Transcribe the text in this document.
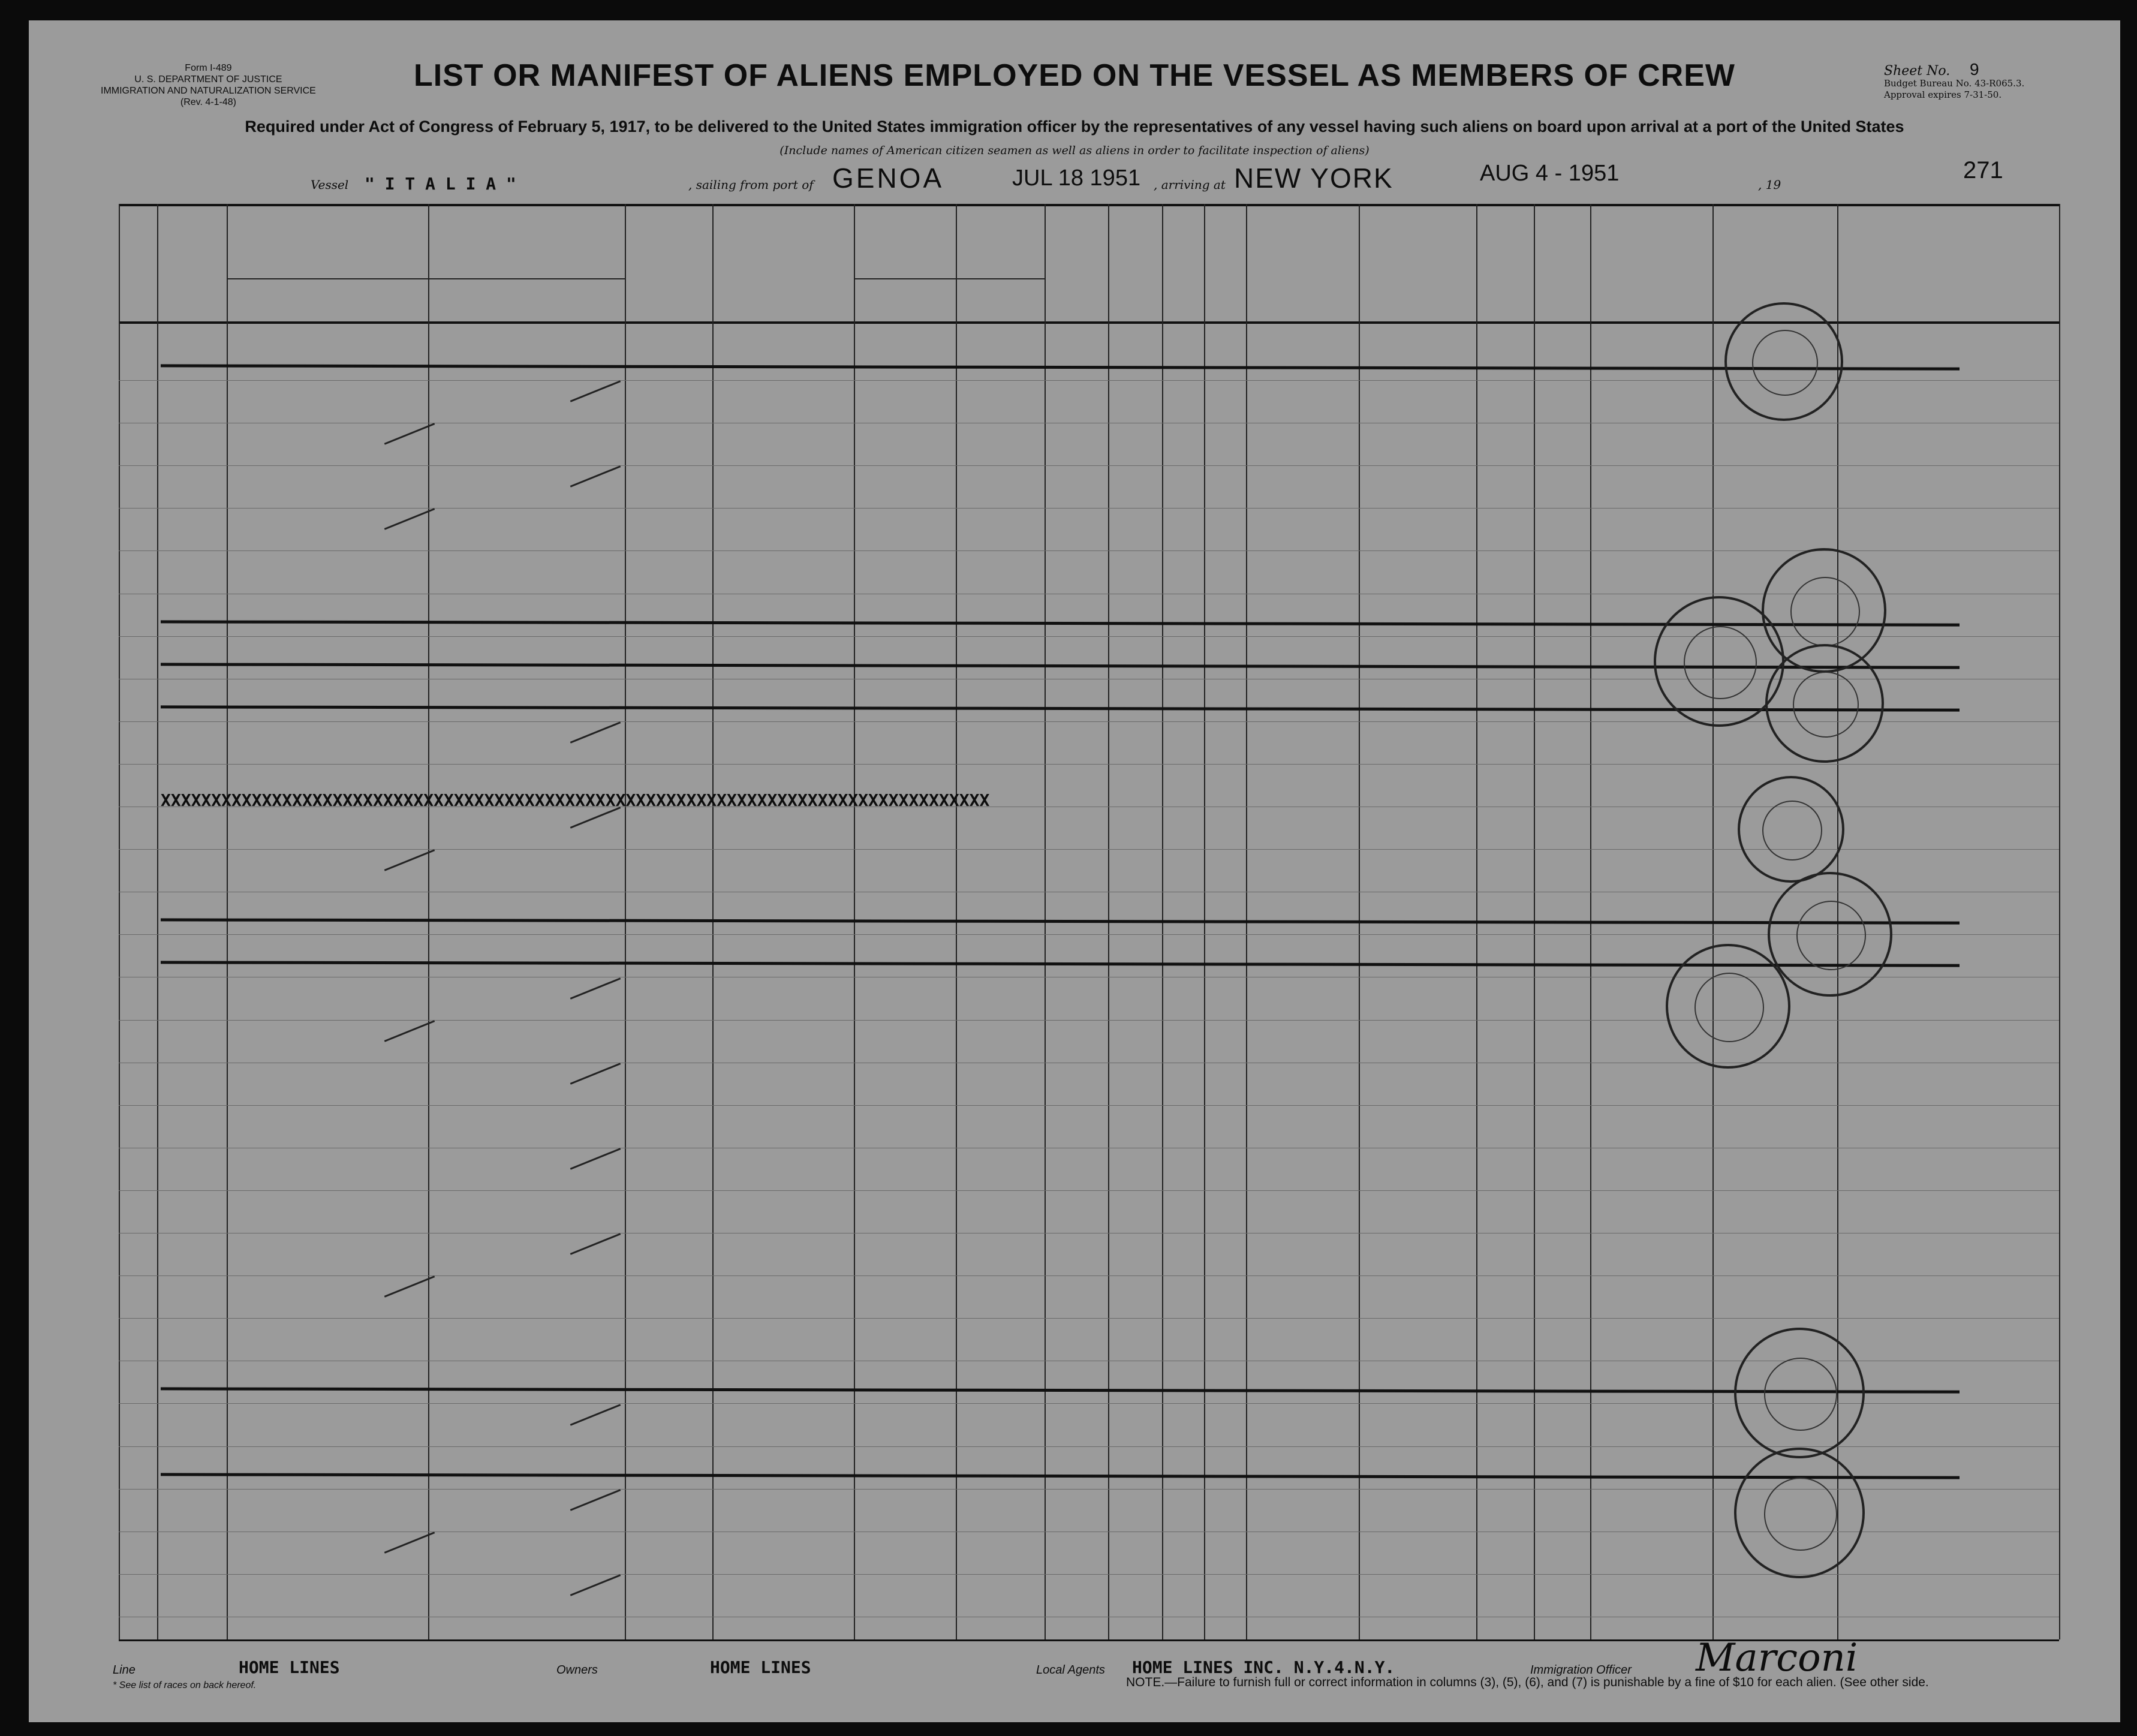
Form I-489
U. S. DEPARTMENT OF JUSTICE
IMMIGRATION AND NATURALIZATION SERVICE
(Rev. 4-1-48)
Sheet No. 9
Budget Bureau No. 43-R065.3.
Approval expires 7-31-50.
LIST OR MANIFEST OF ALIENS EMPLOYED ON THE VESSEL AS MEMBERS OF CREW
Required under Act of Congress of February 5, 1917, to be delivered to the United States immigration officer by the representatives of any vessel having such aliens on board upon arrival at a port of the United States
(Include names of American citizen seamen as well as aliens in order to facilitate inspection of aliens)
Vessel " I T A L I A "	, sailing from port of GENOA	JUL 18 1951 , arriving at NEW YORK	AUG 4 - 1951	, 19
271
XXXXXXXXXXXXXXXXXXXXXXXXXXXXXXXXXXXXXXXXXXXXXXXXXXXXXXXXXXXXXXXXXXXXXXXXXXXXXXXXXX
Line	HOME LINES	Owners	HOME LINES	Local Agents HOME LINES INC. N.Y.4.N.Y.	Immigration Officer Marconi
* See list of races on back hereof.	NOTE.—Failure to furnish full or correct information in columns (3), (5), (6), and (7) is punishable by a fine of $10 for each alien. (See other side.
